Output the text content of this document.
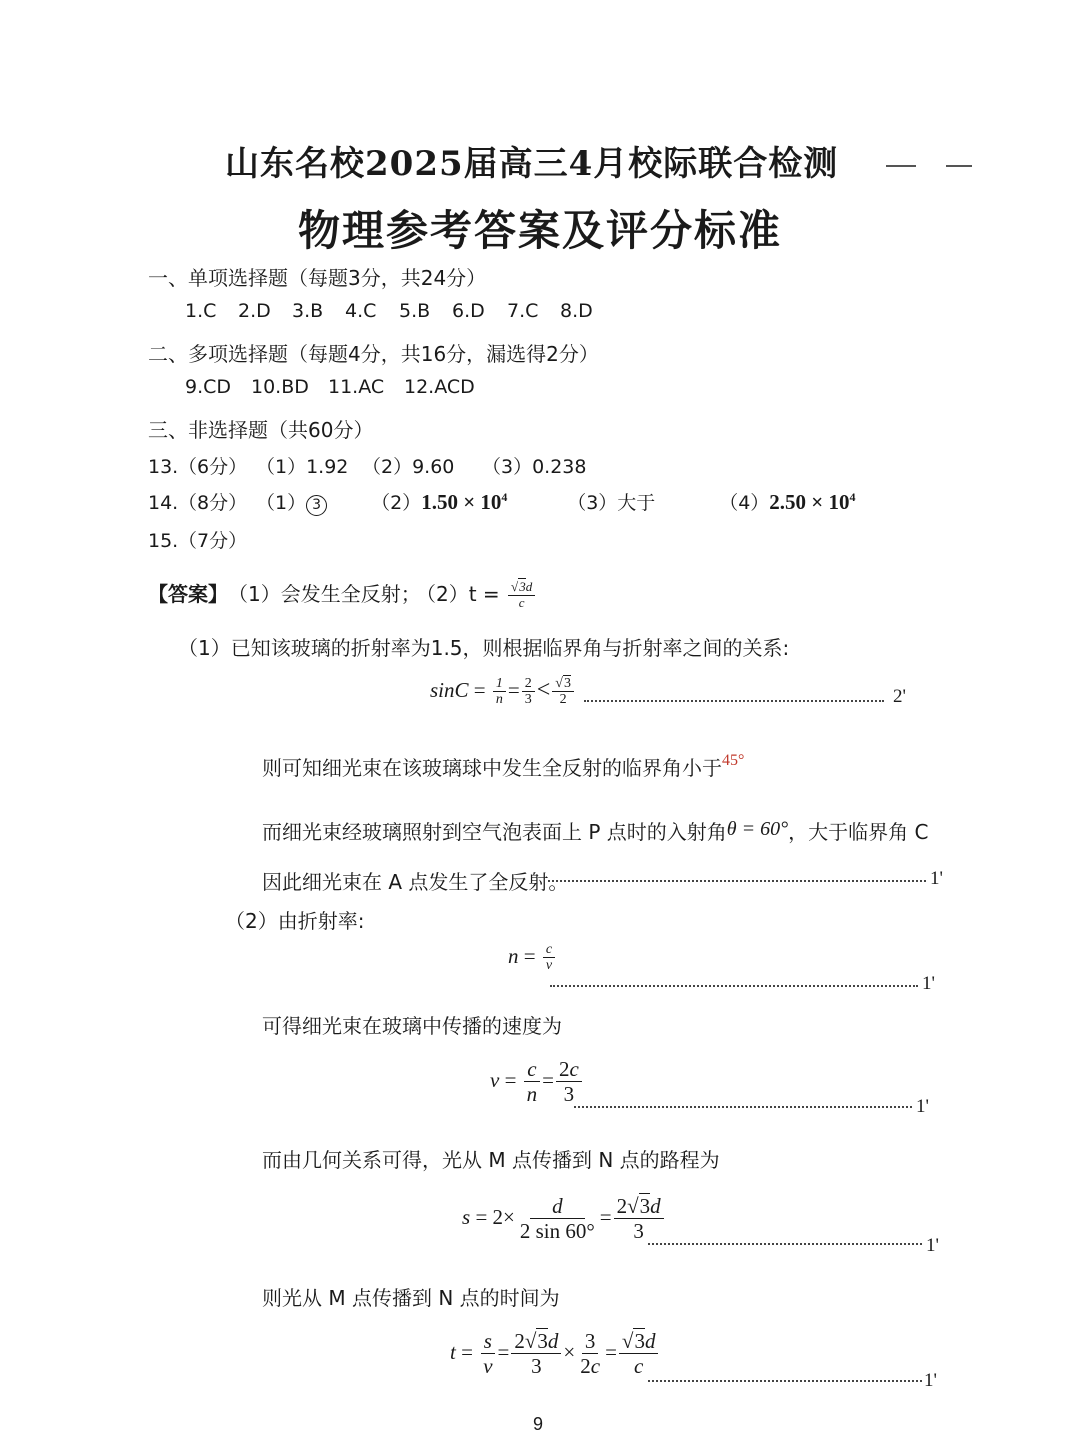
山东名校2025届高三4月校际联合检测
物理参考答案及评分标准
一、单项选择题（每题3分，共24分）
1.C 2.D 3.B 4.C 5.B 6.D 7.C 8.D
二、多项选择题（每题4分，共16分，漏选得2分）
9.CD 10.BD 11.AC 12.ACD
三、非选择题（共60分）
13.（6分） （1）1.92 （2）9.60 （3）0.238
14.（8分） （1） 3	$(2)1.50 \times 10^4$	（3）大于	$(4)2.50 \times 10^4$
15.（7分）
【答案】（1）会发生全反射；$(2)t = \frac{√3d}{c}$
（1）已知该玻璃的折射率为1.5，则根据临界角与折射率之间的关系:
$\sin C = \frac{1}{n} = \frac{2}{3} < \frac{√3}{2}$	2'
则可知细光束在该玻璃球中发生全反射的临界角小于$^{45^\circ}$
而细光束经玻璃照射到空气泡表面上 P 点时的入射角θ = 60°，大于临界角 C
因此细光束在 A 点发生了全反射。	1'
（2）由折射率:
$n = \frac{c}{v}$
1'
可得细光束在玻璃中传播的速度为
$v = \frac{c}{n} = \frac{2c}{3}$
1'
而由几何关系可得，光从 M 点传播到 N 点的路程为
$s = 2\times \frac{d}{2 \sin 60^\circ} = \frac{2√3d}{3}$
1'
则光从 M 点传播到 N 点的时间为
$t = \frac{s}{v} = \frac{2√3d}{3} \times \frac{3}{2c} = \frac{√3d}{c}$
1'
9
